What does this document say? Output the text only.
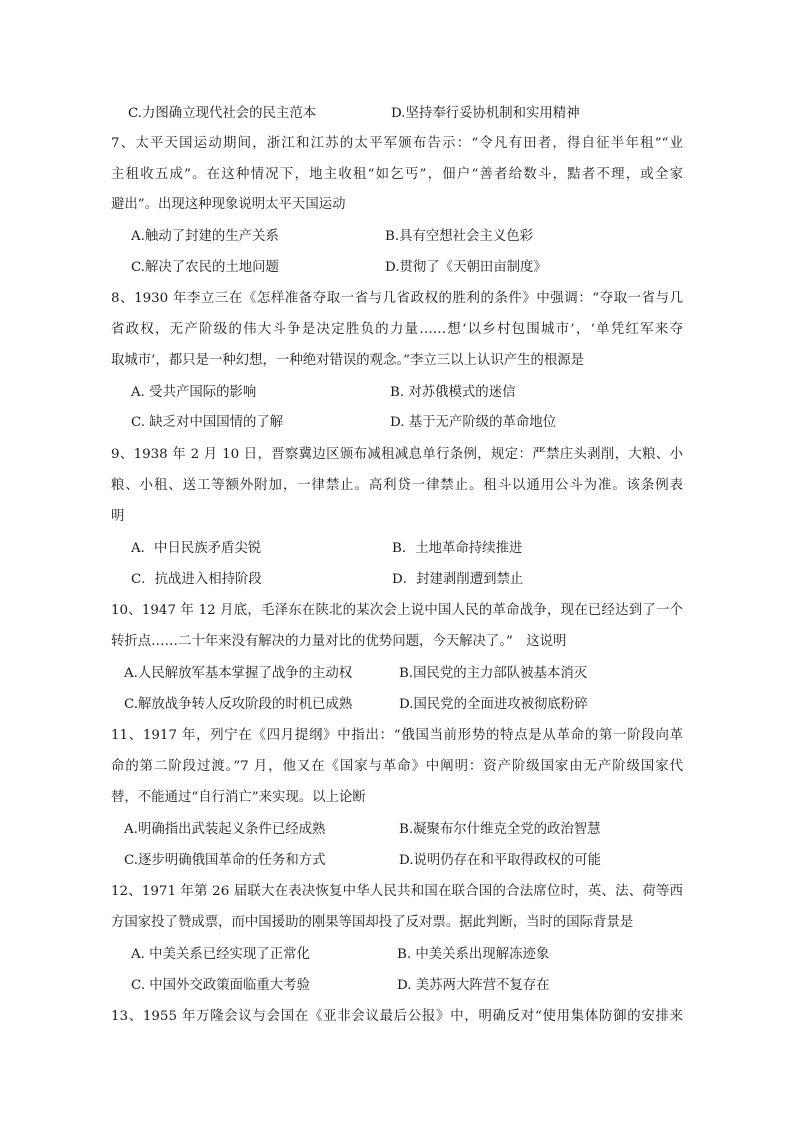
C.力图确立现代社会的民主范本	D.坚持奉行妥协机制和实用精神
7、太平天国运动期间，浙江和江苏的太平军颁布告示：“令凡有田者，得自征半年租”“业
主租收五成”。在这种情况下，地主收租“如乞丐”，佃户“善者给数斗，黠者不理，或全家
避出”。出现这种现象说明太平天国运动
A.触动了封建的生产关系	B.具有空想社会主义色彩
C.解决了农民的土地问题	D.贯彻了《天朝田亩制度》
8、1930 年李立三在《怎样准备夺取一省与几省政权的胜利的条件》中强调：“夺取一省与几
省政权，无产阶级的伟大斗争是决定胜负的力量……想‘以乡村包围城市’，‘单凭红军来夺
取城市’，都只是一种幻想，一种绝对错误的观念。”李立三以上认识产生的根源是
A. 受共产国际的影响	B. 对苏俄模式的迷信
C. 缺乏对中国国情的了解	D. 基于无产阶级的革命地位
9、1938 年 2 月 10 日，晋察冀边区颁布减租减息单行条例，规定：严禁庄头剥削，大粮、小
粮、小租、送工等额外附加，一律禁止。高利贷一律禁止。租斗以通用公斗为准。该条例表
明
A．中日民族矛盾尖锐	B．土地革命持续推进
C．抗战进入相持阶段	D．封建剥削遭到禁止
10、1947 年 12 月底，毛泽东在陕北的某次会上说中国人民的革命战争，现在已经达到了一个
转折点……二十年来没有解决的力量对比的优势问题，今天解决了。”　这说明
A.人民解放军基本掌握了战争的主动权	B.国民党的主力部队被基本消灭
C.解放战争转人反攻阶段的时机已成熟	D.国民党的全面进攻被彻底粉碎
11、1917 年，列宁在《四月提纲》中指出：“俄国当前形势的特点是从革命的第一阶段向革
命的第二阶段过渡。”7 月，他又在《国家与革命》中阐明：资产阶级国家由无产阶级国家代
替，不能通过“自行消亡”来实现。以上论断
A.明确指出武装起义条件已经成熟	B.凝聚布尔什维克全党的政治智慧
C.逐步明确俄国革命的任务和方式	D.说明仍存在和平取得政权的可能
12、1971 年第 26 届联大在表决恢复中华人民共和国在联合国的合法席位时，英、法、荷等西
方国家投了赞成票，而中国援助的刚果等国却投了反对票。据此判断，当时的国际背景是
A. 中美关系已经实现了正常化	B. 中美关系出现解冻迹象
C. 中国外交政策面临重大考验	D. 美苏两大阵营不复存在
13、1955 年万隆会议与会国在《亚非会议最后公报》中，明确反对“使用集体防御的安排来
